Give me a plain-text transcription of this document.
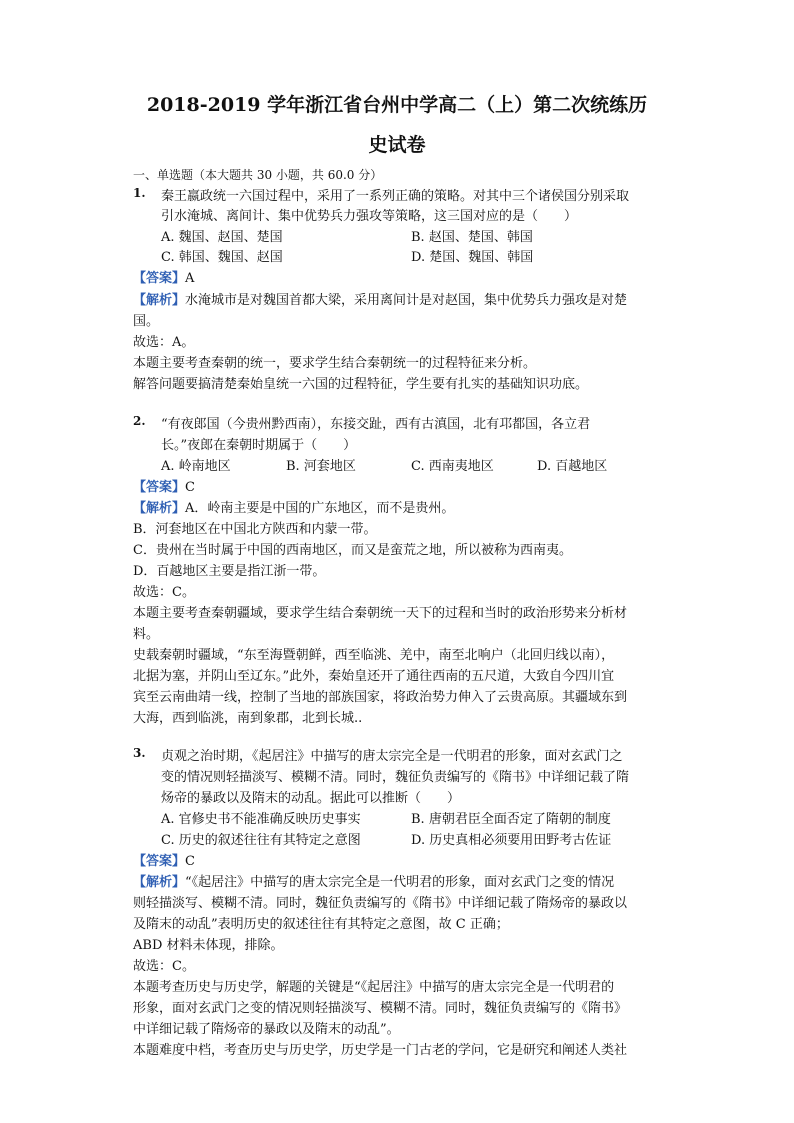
2018-2019 学年浙江省台州中学高二（上）第二次统练历
史试卷
一、单选题（本大题共 30 小题，共 60.0 分）
1. 秦王嬴政统一六国过程中，采用了一系列正确的策略。对其中三个诸侯国分别采取
引水淹城、离间计、集中优势兵力强攻等策略，这三国对应的是（　　）
A. 魏国、赵国、楚国	B. 赵国、楚国、韩国
C. 韩国、魏国、赵国	D. 楚国、魏国、韩国
【答案】A
【解析】水淹城市是对魏国首都大梁，采用离间计是对赵国，集中优势兵力强攻是对楚
国。
故选：A。
本题主要考查秦朝的统一，要求学生结合秦朝统一的过程特征来分析。
解答问题要搞清楚秦始皇统一六国的过程特征，学生要有扎实的基础知识功底。
2. “有夜郎国（今贵州黔西南），东接交趾，西有古滇国，北有邛都国，各立君
长。”夜郎在秦朝时期属于（　　）
A. 岭南地区	B. 河套地区	C. 西南夷地区	D. 百越地区
【答案】C
【解析】A．岭南主要是中国的广东地区，而不是贵州。
B．河套地区在中国北方陕西和内蒙一带。
C．贵州在当时属于中国的西南地区，而又是蛮荒之地，所以被称为西南夷。
D．百越地区主要是指江浙一带。
故选：C。
本题主要考查秦朝疆域，要求学生结合秦朝统一天下的过程和当时的政治形势来分析材
料。
史载秦朝时疆域，“东至海暨朝鲜，西至临洮、羌中，南至北响户（北回归线以南），
北据为塞，并阴山至辽东。”此外，秦始皇还开了通往西南的五尺道，大致自今四川宜
宾至云南曲靖一线，控制了当地的部族国家，将政治势力伸入了云贵高原。其疆域东到
大海，西到临洮，南到象郡，北到长城..
3. 贞观之治时期，《起居注》中描写的唐太宗完全是一代明君的形象，面对玄武门之
变的情况则轻描淡写、模糊不清。同时，魏征负责编写的《隋书》中详细记载了隋
炀帝的暴政以及隋末的动乱。据此可以推断（　　）
A. 官修史书不能准确反映历史事实	B. 唐朝君臣全面否定了隋朝的制度
C. 历史的叙述往往有其特定之意图	D. 历史真相必须要用田野考古佐证
【答案】C
【解析】“《起居注》中描写的唐太宗完全是一代明君的形象，面对玄武门之变的情况
则轻描淡写、模糊不清。同时，魏征负责编写的《隋书》中详细记载了隋炀帝的暴政以
及隋末的动乱”表明历史的叙述往往有其特定之意图，故 C 正确；
ABD 材料未体现，排除。
故选：C。
本题考查历史与历史学，解题的关键是“《起居注》中描写的唐太宗完全是一代明君的
形象，面对玄武门之变的情况则轻描淡写、模糊不清。同时，魏征负责编写的《隋书》
中详细记载了隋炀帝的暴政以及隋末的动乱”。
本题难度中档，考查历史与历史学，历史学是一门古老的学问，它是研究和阐述人类社
